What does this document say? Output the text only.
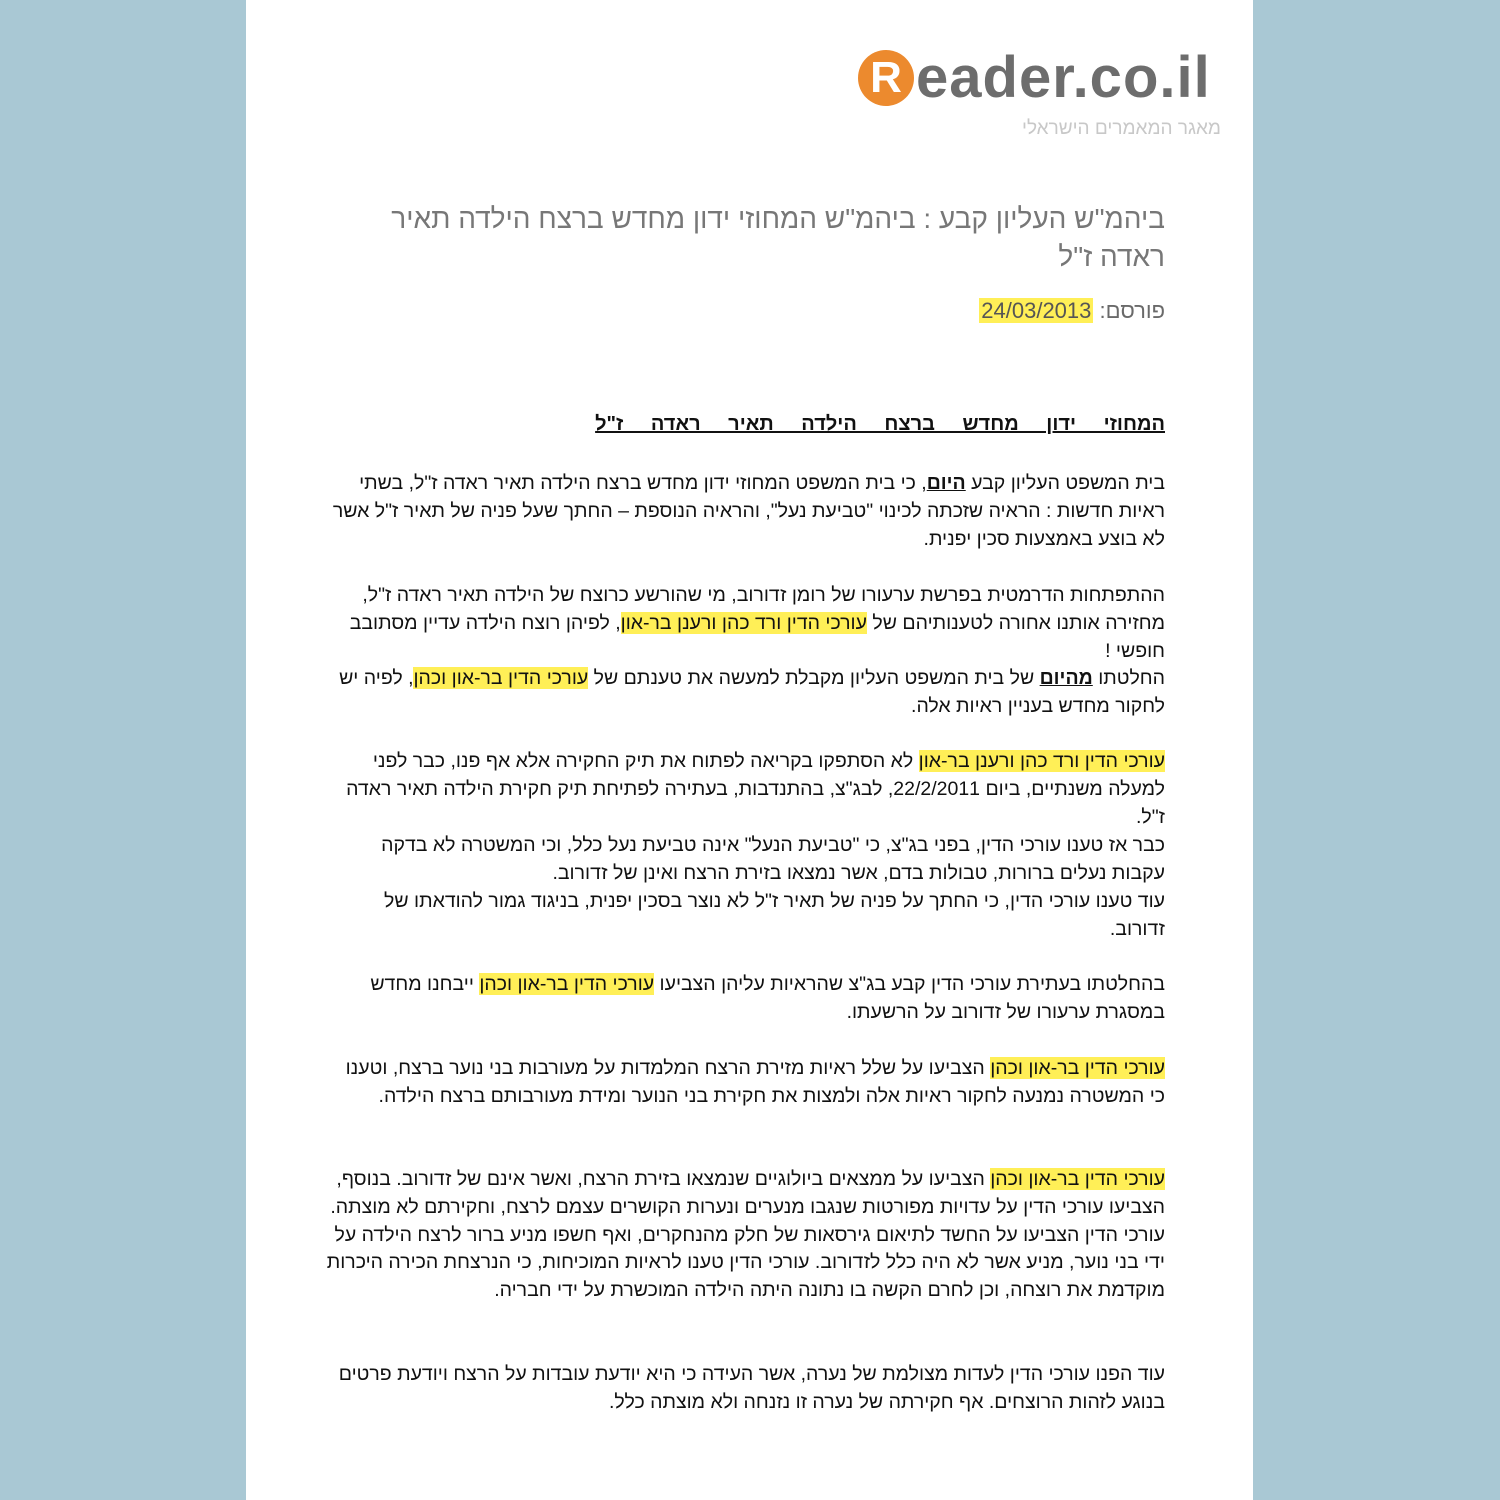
R eader.co.il
מאגר המאמרים הישראלי
ביהמ"ש העליון קבע : ביהמ"ש המחוזי ידון מחדש ברצח הילדה תאיר ראדה ז"ל
פורסם: 24/03/2013
המחוזי ידון מחדש ברצח הילדה תאיר ראדה ז"ל
בית המשפט העליון קבע היום, כי בית המשפט המחוזי ידון מחדש ברצח הילדה תאיר ראדה ז"ל, בשתי ראיות חדשות : הראיה שזכתה לכינוי "טביעת נעל", והראיה הנוספת – החתך שעל פניה של תאיר ז"ל אשר לא בוצע באמצעות סכין יפנית.
ההתפתחות הדרמטית בפרשת ערעורו של רומן זדורוב, מי שהורשע כרוצח של הילדה תאיר ראדה ז"ל, מחזירה אותנו אחורה לטענותיהם של עורכי הדין ורד כהן ורענן בר-און, לפיהן רוצח הילדה עדיין מסתובב חופשי !
החלטתו מהיום של בית המשפט העליון מקבלת למעשה את טענתם של עורכי הדין בר-און וכהן, לפיה יש לחקור מחדש בעניין ראיות אלה.
עורכי הדין ורד כהן ורענן בר-און לא הסתפקו בקריאה לפתוח את תיק החקירה אלא אף פנו, כבר לפני למעלה משנתיים, ביום 22/2/2011, לבג"צ, בהתנדבות, בעתירה לפתיחת תיק חקירת הילדה תאיר ראדה ז"ל.
כבר אז טענו עורכי הדין, בפני בג"צ, כי "טביעת הנעל" אינה טביעת נעל כלל, וכי המשטרה לא בדקה עקבות נעלים ברורות, טבולות בדם, אשר נמצאו בזירת הרצח ואינן של זדורוב.
עוד טענו עורכי הדין, כי החתך על פניה של תאיר ז"ל לא נוצר בסכין יפנית, בניגוד גמור להודאתו של זדורוב.
בהחלטתו בעתירת עורכי הדין קבע בג"צ שהראיות עליהן הצביעו עורכי הדין בר-און וכהן ייבחנו מחדש במסגרת ערעורו של זדורוב על הרשעתו.
עורכי הדין בר-און וכהן הצביעו על שלל ראיות מזירת הרצח המלמדות על מעורבות בני נוער ברצח, וטענו כי המשטרה נמנעה לחקור ראיות אלה ולמצות את חקירת בני הנוער ומידת מעורבותם ברצח הילדה.
עורכי הדין בר-און וכהן הצביעו על ממצאים ביולוגיים שנמצאו בזירת הרצח, ואשר אינם של זדורוב. בנוסף, הצביעו עורכי הדין על עדויות מפורטות שנגבו מנערים ונערות הקושרים עצמם לרצח, וחקירתם לא מוצתה. עורכי הדין הצביעו על החשד לתיאום גירסאות של חלק מהנחקרים, ואף חשפו מניע ברור לרצח הילדה על ידי בני נוער, מניע אשר לא היה כלל לזדורוב. עורכי הדין טענו לראיות המוכיחות, כי הנרצחת הכירה היכרות מוקדמת את רוצחה, וכן לחרם הקשה בו נתונה היתה הילדה המוכשרת על ידי חבריה.
עוד הפנו עורכי הדין לעדות מצולמת של נערה, אשר העידה כי היא יודעת עובדות על הרצח ויודעת פרטים בנוגע לזהות הרוצחים. אף חקירתה של נערה זו נזנחה ולא מוצתה כלל.
